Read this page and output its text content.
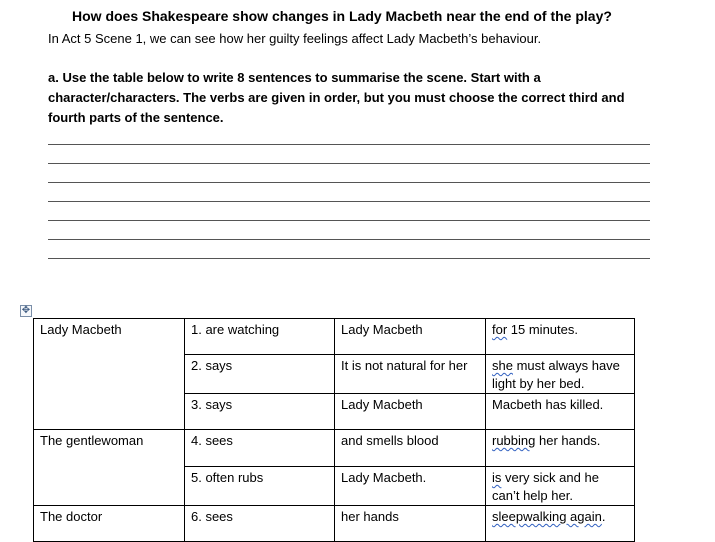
How does Shakespeare show changes in Lady Macbeth near the end of the play?
In Act 5 Scene 1, we can see how her guilty feelings affect Lady Macbeth’s behaviour.
a. Use the table below to write 8 sentences to summarise the scene. Start with a
character/characters. The verbs are given in order, but you must choose the correct third and
fourth parts of the sentence.
✥
Lady Macbeth	1. are watching	Lady Macbeth	for 15 minutes.
	2. says	It is not natural for her	she must always have light by her bed.
	3. says	Lady Macbeth	Macbeth has killed.
The gentlewoman	4. sees	and smells blood	rubbing her hands.
	5. often rubs	Lady Macbeth.	is very sick and he can’t help her.
The doctor	6. sees	her hands	sleepwalking again.
